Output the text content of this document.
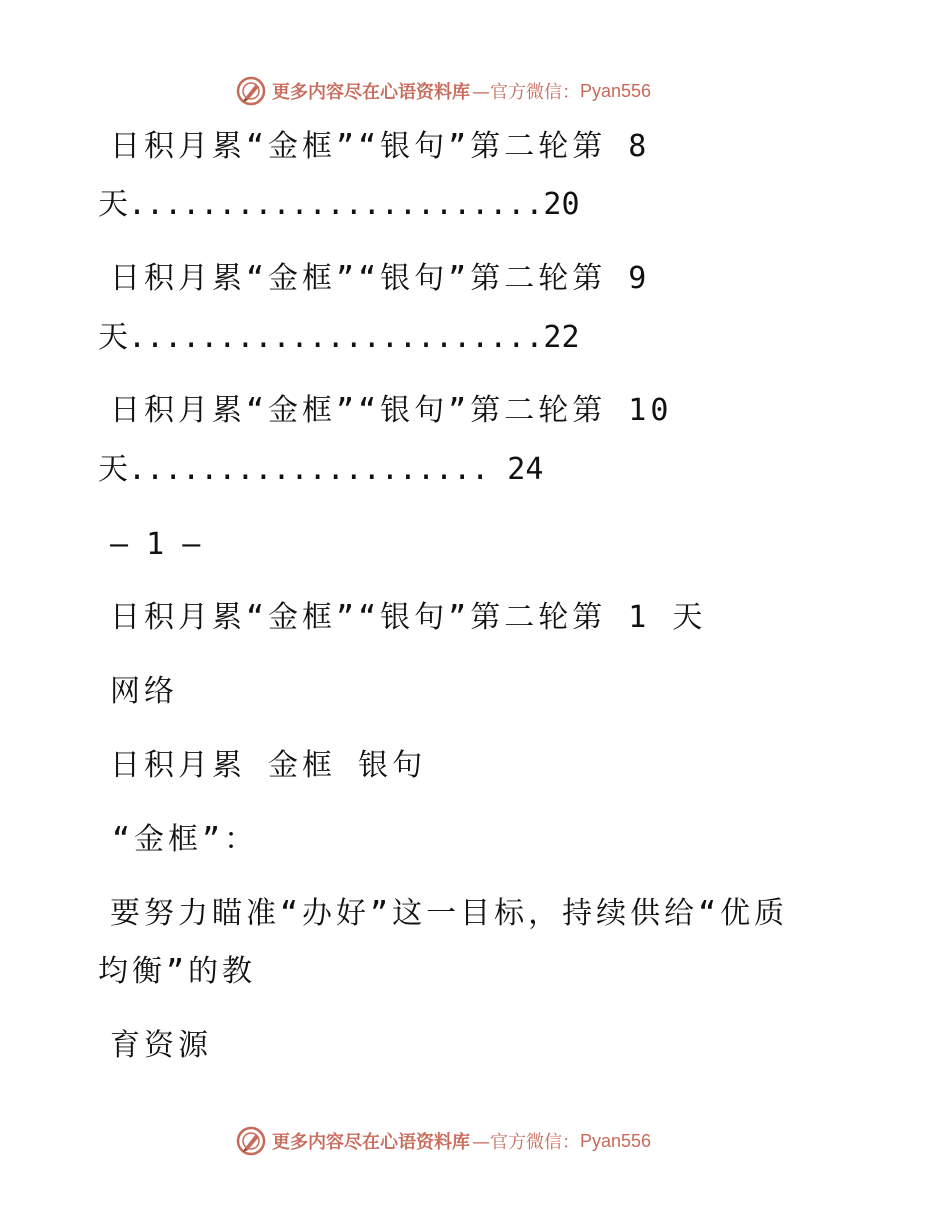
更多内容尽在心语资料库 —官方微信： Pyan556
日积月累“金框”“银句”第二轮第 8
天.......................20
日积月累“金框”“银句”第二轮第 9
天.......................22
日积月累“金框”“银句”第二轮第 10
天.................... 24
— 1 —
日积月累“金框”“银句”第二轮第 1 天
网络
日积月累 金框 银句
“金框”：
要努力瞄准“办好”这一目标，持续供给“优质
均衡”的教
育资源
更多内容尽在心语资料库 —官方微信： Pyan556
